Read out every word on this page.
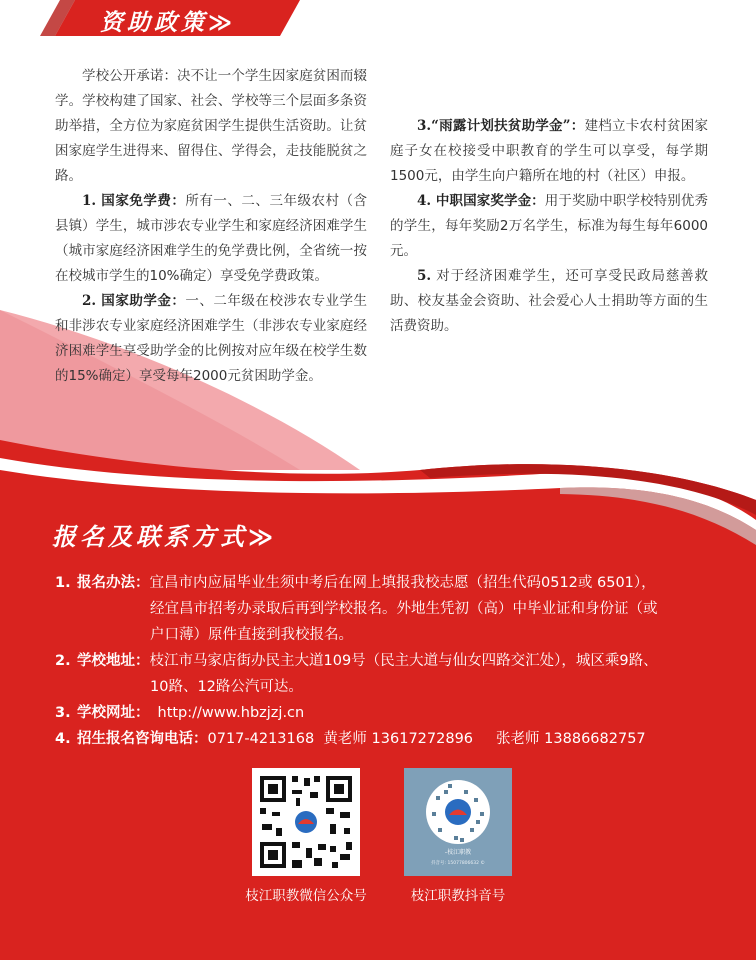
资助政策≫

学校公开承诺：决不让一个学生因家庭贫困而辍学。学校构建了国家、社会、学校等三个层面多条资助举措，全方位为家庭贫困学生提供生活资助。让贫困家庭学生进得来、留得住、学得会，走技能脱贫之路。

1. 国家免学费：所有一、二、三年级农村（含县镇）学生，城市涉农专业学生和家庭经济困难学生（城市家庭经济困难学生的免学费比例，全省统一按在校城市学生的10%确定）享受免学费政策。

2. 国家助学金：一、二年级在校涉农专业学生和非涉农专业家庭经济困难学生（非涉农专业家庭经济困难学生享受助学金的比例按对应年级在校学生数的15%确定）享受每年2000元贫困助学金。

3.“雨露计划扶贫助学金”：建档立卡农村贫困家庭子女在校接受中职教育的学生可以享受，每学期1500元，由学生向户籍所在地的村（社区）申报。

4. 中职国家奖学金：用于奖励中职学校特别优秀的学生，每年奖励2万名学生，标准为每生每年6000元。

5. 对于经济困难学生，还可享受民政局慈善救助、校友基金会资助、社会爱心人士捐助等方面的生活费资助。

报名及联系方式≫
1. 报名办法： 宜昌市内应届毕业生须中考后在网上填报我校志愿（招生代码0512或 6501），
经宜昌市招考办录取后再到学校报名。外地生凭初（高）中毕业证和身份证（或
户口薄）原件直接到我校报名。
2. 学校地址： 枝江市马家店街办民主大道109号（民主大道与仙女四路交汇处），城区乘9路、
10路、12路公汽可达。
3. 学校网址： http://www.hbzjzj.cn
4. 招生报名咨询电话： 0717-4213168  黄老师 13617272896     张老师 13886682757
-枝江职教
抖音号: 15077806632 ©
枝江职教微信公众号	枝江职教抖音号
